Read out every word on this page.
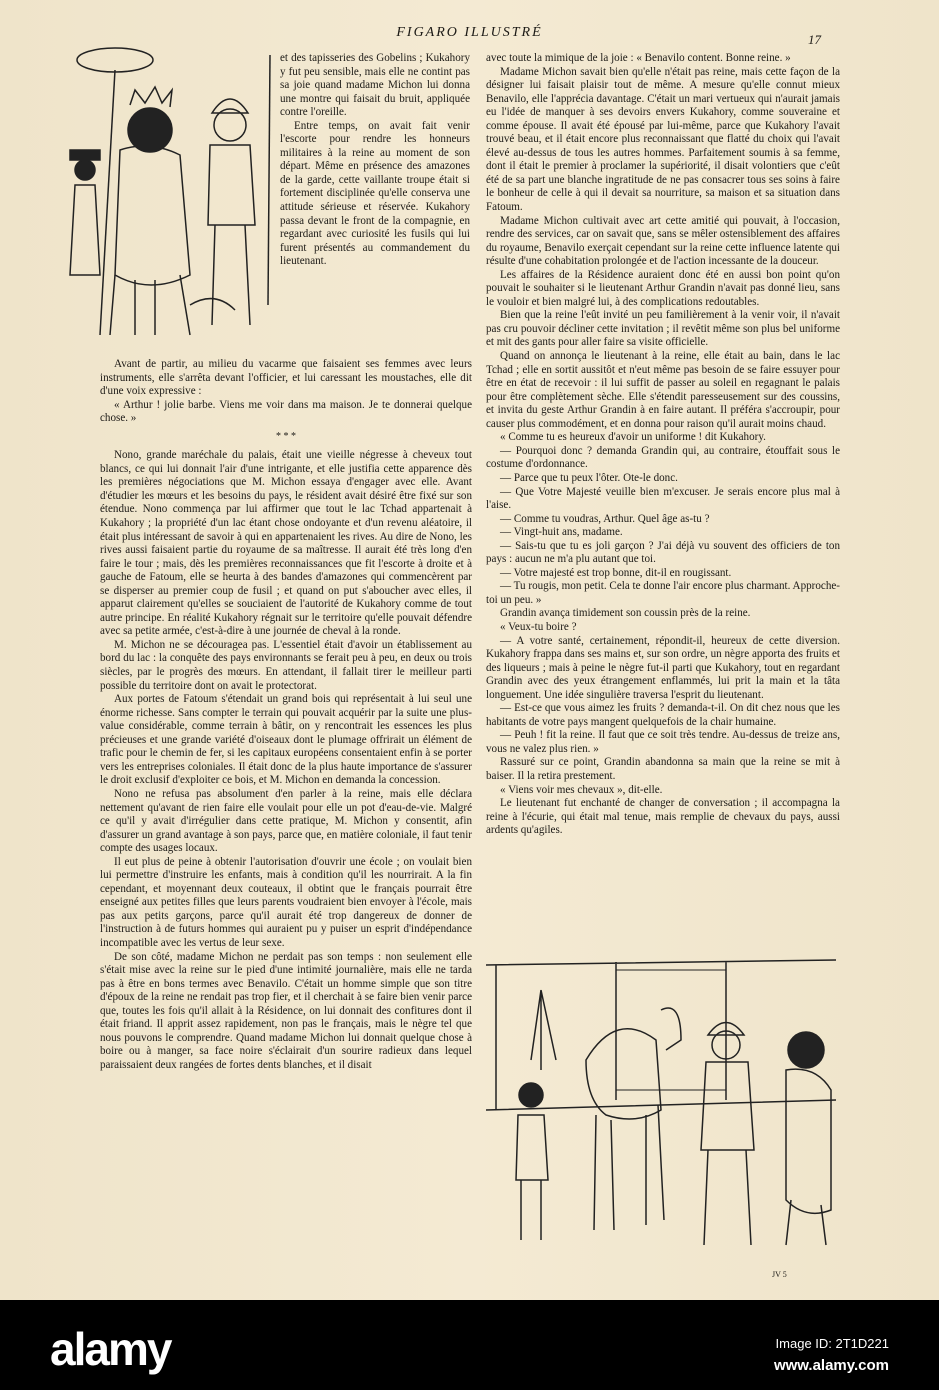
FIGARO ILLUSTRÉ	17

et des tapisseries des Gobelins ; Kukahory y fut peu sensible, mais elle ne contint pas sa joie quand madame Michon lui donna une montre qui faisait du bruit, appliquée contre l'oreille.

Entre temps, on avait fait venir l'escorte pour rendre les honneurs militaires à la reine au moment de son départ. Même en présence des amazones de la garde, cette vaillante troupe était si fortement disciplinée qu'elle conserva une attitude sérieuse et réservée. Kukahory passa devant le front de la compagnie, en regardant avec curiosité les fusils qui lui furent présentés au commandement du lieutenant.

Avant de partir, au milieu du vacarme que faisaient ses femmes avec leurs instruments, elle s'arrêta devant l'officier, et lui caressant les moustaches, elle dit d'une voix expressive :

« Arthur ! jolie barbe. Viens me voir dans ma maison. Je te donnerai quelque chose. »

* * *

Nono, grande maréchale du palais, était une vieille négresse à cheveux tout blancs, ce qui lui donnait l'air d'une intrigante, et elle justifia cette apparence dès les premières négociations que M. Michon essaya d'engager avec elle. Avant d'étudier les mœurs et les besoins du pays, le résident avait désiré être fixé sur son étendue. Nono commença par lui affirmer que tout le lac Tchad appartenait à Kukahory ; la propriété d'un lac étant chose ondoyante et d'un revenu aléatoire, il était plus intéressant de savoir à qui en appartenaient les rives. Au dire de Nono, les rives aussi faisaient partie du royaume de sa maîtresse. Il aurait été très long d'en faire le tour ; mais, dès les premières reconnaissances que fit l'escorte à droite et à gauche de Fatoum, elle se heurta à des bandes d'amazones qui commencèrent par se disperser au premier coup de fusil ; et quand on put s'aboucher avec elles, il apparut clairement qu'elles se souciaient de l'autorité de Kukahory comme de tout autre principe. En réalité Kukahory régnait sur le territoire qu'elle pouvait défendre avec sa petite armée, c'est-à-dire à une journée de cheval à la ronde.

M. Michon ne se découragea pas. L'essentiel était d'avoir un établissement au bord du lac : la conquête des pays environnants se ferait peu à peu, en deux ou trois siècles, par le progrès des mœurs. En attendant, il fallait tirer le meilleur parti possible du territoire dont on avait le protectorat.

Aux portes de Fatoum s'étendait un grand bois qui représentait à lui seul une énorme richesse. Sans compter le terrain qui pouvait acquérir par la suite une plus-value considérable, comme terrain à bâtir, on y rencontrait les essences les plus précieuses et une grande variété d'oiseaux dont le plumage offrirait un élément de trafic pour le chemin de fer, si les capitaux européens consentaient enfin à se porter vers les entreprises coloniales. Il était donc de la plus haute importance de s'assurer le droit exclusif d'exploiter ce bois, et M. Michon en demanda la concession.

Nono ne refusa pas absolument d'en parler à la reine, mais elle déclara nettement qu'avant de rien faire elle voulait pour elle un pot d'eau-de-vie. Malgré ce qu'il y avait d'irrégulier dans cette pratique, M. Michon y consentit, afin d'assurer un grand avantage à son pays, parce que, en matière coloniale, il faut tenir compte des usages locaux.

Il eut plus de peine à obtenir l'autorisation d'ouvrir une école ; on voulait bien lui permettre d'instruire les enfants, mais à condition qu'il les nourrirait. A la fin cependant, et moyennant deux couteaux, il obtint que le français pourrait être enseigné aux petites filles que leurs parents voudraient bien envoyer à l'école, mais pas aux petits garçons, parce qu'il aurait été trop dangereux de donner de l'instruction à de futurs hommes qui auraient pu y puiser un esprit d'indépendance incompatible avec les vertus de leur sexe.

De son côté, madame Michon ne perdait pas son temps : non seulement elle s'était mise avec la reine sur le pied d'une intimité journalière, mais elle ne tarda pas à être en bons termes avec Benavilo. C'était un homme simple que son titre d'époux de la reine ne rendait pas trop fier, et il cherchait à se faire bien venir parce que, toutes les fois qu'il allait à la Résidence, on lui donnait des confitures dont il était friand. Il apprit assez rapidement, non pas le français, mais le nègre tel que nous pouvons le comprendre. Quand madame Michon lui donnait quelque chose à boire ou à manger, sa face noire s'éclairait d'un sourire radieux dans lequel paraissaient deux rangées de fortes dents blanches, et il disait

avec toute la mimique de la joie : « Benavilo content. Bonne reine. »

Madame Michon savait bien qu'elle n'était pas reine, mais cette façon de la désigner lui faisait plaisir tout de même. A mesure qu'elle connut mieux Benavilo, elle l'apprécia davantage. C'était un mari vertueux qui n'aurait jamais eu l'idée de manquer à ses devoirs envers Kukahory, comme souveraine et comme épouse. Il avait été épousé par lui-même, parce que Kukahory l'avait trouvé beau, et il était encore plus reconnaissant que flatté du choix qui l'avait élevé au-dessus de tous les autres hommes. Parfaitement soumis à sa femme, dont il était le premier à proclamer la supériorité, il disait volontiers que c'eût été de sa part une blanche ingratitude de ne pas consacrer tous ses soins à faire le bonheur de celle à qui il devait sa nourriture, sa maison et sa situation dans Fatoum.

Madame Michon cultivait avec art cette amitié qui pouvait, à l'occasion, rendre des services, car on savait que, sans se mêler ostensiblement des affaires du royaume, Benavilo exerçait cependant sur la reine cette influence latente qui résulte d'une cohabitation prolongée et de l'action incessante de la douceur.

Les affaires de la Résidence auraient donc été en aussi bon point qu'on pouvait le souhaiter si le lieutenant Arthur Grandin n'avait pas donné lieu, sans le vouloir et bien malgré lui, à des complications redoutables.

Bien que la reine l'eût invité un peu familièrement à la venir voir, il n'avait pas cru pouvoir décliner cette invitation ; il revêtit même son plus bel uniforme et mit des gants pour aller faire sa visite officielle.

Quand on annonça le lieutenant à la reine, elle était au bain, dans le lac Tchad ; elle en sortit aussitôt et n'eut même pas besoin de se faire essuyer pour être en état de recevoir : il lui suffit de passer au soleil en regagnant le palais pour être complètement sèche. Elle s'étendit paresseusement sur des coussins, et invita du geste Arthur Grandin à en faire autant. Il préféra s'accroupir, pour causer plus commodément, et en donna pour raison qu'il aurait moins chaud.

« Comme tu es heureux d'avoir un uniforme ! dit Kukahory.

— Pourquoi donc ? demanda Grandin qui, au contraire, étouffait sous le costume d'ordonnance.

— Parce que tu peux l'ôter. Ote-le donc.

— Que Votre Majesté veuille bien m'excuser. Je serais encore plus mal à l'aise.

— Comme tu voudras, Arthur. Quel âge as-tu ?

— Vingt-huit ans, madame.

— Sais-tu que tu es joli garçon ? J'ai déjà vu souvent des officiers de ton pays : aucun ne m'a plu autant que toi.

— Votre majesté est trop bonne, dit-il en rougissant.

— Tu rougis, mon petit. Cela te donne l'air encore plus charmant. Approche-toi un peu. »

Grandin avança timidement son coussin près de la reine.

« Veux-tu boire ?

— A votre santé, certainement, répondit-il, heureux de cette diversion. Kukahory frappa dans ses mains et, sur son ordre, un nègre apporta des fruits et des liqueurs ; mais à peine le nègre fut-il parti que Kukahory, tout en regardant Grandin avec des yeux étrangement enflammés, lui prit la main et la tâta longuement. Une idée singulière traversa l'esprit du lieutenant.

— Est-ce que vous aimez les fruits ? demanda-t-il. On dit chez nous que les habitants de votre pays mangent quelquefois de la chair humaine.

— Peuh ! fit la reine. Il faut que ce soit très tendre. Au-dessus de treize ans, vous ne valez plus rien. »

Rassuré sur ce point, Grandin abandonna sa main que la reine se mit à baiser. Il la retira prestement.

« Viens voir mes chevaux », dit-elle.

Le lieutenant fut enchanté de changer de conversation ; il accompagna la reine à l'écurie, qui était mal tenue, mais remplie de chevaux du pays, aussi ardents qu'agiles.

JV 5
alamy	Image ID: 2T1D221
www.alamy.com
